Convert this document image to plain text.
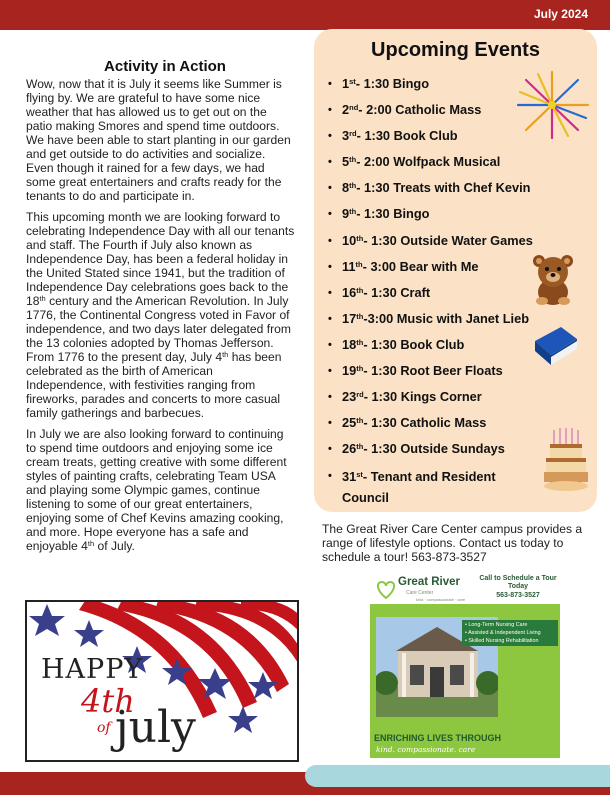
July 2024
Activity in Action

Wow, now that it is July it seems like Summer is flying by. We are grateful to have some nice weather that has allowed us to get out on the patio making Smores and spend time outdoors. We have been able to start planting in our garden and get outside to do activities and socialize. Even though it rained for a few days, we had some great entertainers and crafts ready for the tenants to do and participate in.

This upcoming month we are looking forward to celebrating Independence Day with all our tenants and staff. The Fourth if July also known as Independence Day, has been a federal holiday in the United Stated since 1941, but the tradition of Independence Day celebrations goes back to the 18th century and the American Revolution. In July 1776, the Continental Congress voted in Favor of independence, and two days later delegated from the 13 colonies adopted by Thomas Jefferson. From 1776 to the present day, July 4th has been celebrated as the birth of American Independence, with festivities ranging from fireworks, parades and concerts to more casual family gatherings and barbecues.

In July we are also looking forward to continuing to spend time outdoors and enjoying some ice cream treats, getting creative with some different styles of painting crafts, celebrating Team USA and playing some Olympic games, continue listening to some of our great entertainers, enjoying some of Chef Kevins amazing cooking, and more. Hope everyone has a safe and enjoyable 4th of July.

HAPPY
4th
of july
Upcoming Events
• 1st- 1:30 Bingo
• 2nd- 2:00 Catholic Mass
• 3rd- 1:30 Book Club
• 5th- 2:00 Wolfpack Musical
• 8th- 1:30 Treats with Chef Kevin
• 9th- 1:30 Bingo
• 10th- 1:30 Outside Water Games
• 11th- 3:00 Bear with Me
• 16th- 1:30 Craft
• 17th-3:00 Music with Janet Lieb
• 18th- 1:30 Book Club
• 19th- 1:30 Root Beer Floats
• 23rd- 1:30 Kings Corner
• 25th- 1:30 Catholic Mass
• 26th- 1:30 Outside Sundays
• 31st- Tenant and Resident
Council

The Great River Care Center campus provides a range of lifestyle options. Contact us today to schedule a tour! 563-873-3527

Great River
Care Center
kind · compassionate · care
Call to Schedule a Tour Today
563-873-3527
• Long-Term Nursing Care
• Assisted & Independent Living
• Skilled Nursing Rehabilitation
ENRICHING LIVES THROUGH
kind. compassionate. care
